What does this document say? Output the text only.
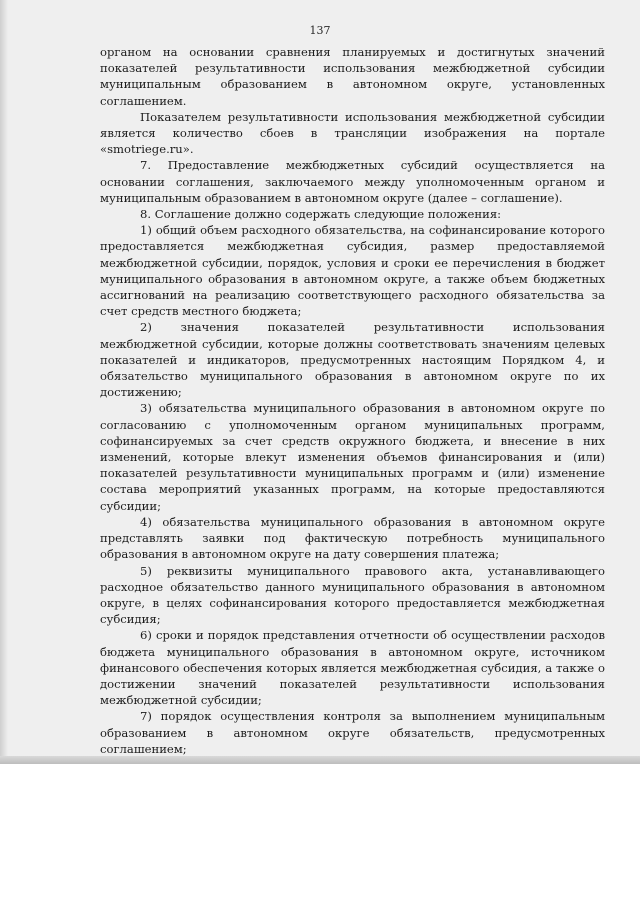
137

органом на основании сравнения планируемых и достигнутых значений показателей результативности использования межбюджетной субсидии муниципальным образованием в автономном округе, установленных соглашением.

Показателем результативности использования межбюджетной субсидии является количество сбоев в трансляции изображения на портале «smotriege.ru».

7. Предоставление межбюджетных субсидий осуществляется на основании соглашения, заключаемого между уполномоченным органом и муниципальным образованием в автономном округе (далее – соглашение).

8. Соглашение должно содержать следующие положения:

1) общий объем расходного обязательства, на софинансирование которого предоставляется межбюджетная субсидия, размер предоставляемой межбюджетной субсидии, порядок, условия и сроки ее перечисления в бюджет муниципального образования в автономном округе, а также объем бюджетных ассигнований на реализацию соответствующего расходного обязательства за счет средств местного бюджета;

2) значения показателей результативности использования межбюджетной субсидии, которые должны соответствовать значениям целевых показателей и индикаторов, предусмотренных настоящим Порядком 4, и обязательство муниципального образования в автономном округе по их достижению;

3) обязательства муниципального образования в автономном округе по согласованию с уполномоченным органом муниципальных программ, софинансируемых за счет средств окружного бюджета, и внесение в них изменений, которые влекут изменения объемов финансирования и (или) показателей результативности муниципальных программ и (или) изменение состава мероприятий указанных программ, на которые предоставляются субсидии;

4) обязательства муниципального образования в автономном округе представлять заявки под фактическую потребность муниципального образования в автономном округе на дату совершения платежа;

5) реквизиты муниципального правового акта, устанавливающего расходное обязательство данного муниципального образования в автономном округе, в целях софинансирования которого предоставляется межбюджетная субсидия;

6) сроки и порядок представления отчетности об осуществлении расходов бюджета муниципального образования в автономном округе, источником финансового обеспечения которых является межбюджетная субсидия, а также о достижении значений показателей результативности использования межбюджетной субсидии;

7) порядок осуществления контроля за выполнением муниципальным образованием в автономном округе обязательств, предусмотренных соглашением;
